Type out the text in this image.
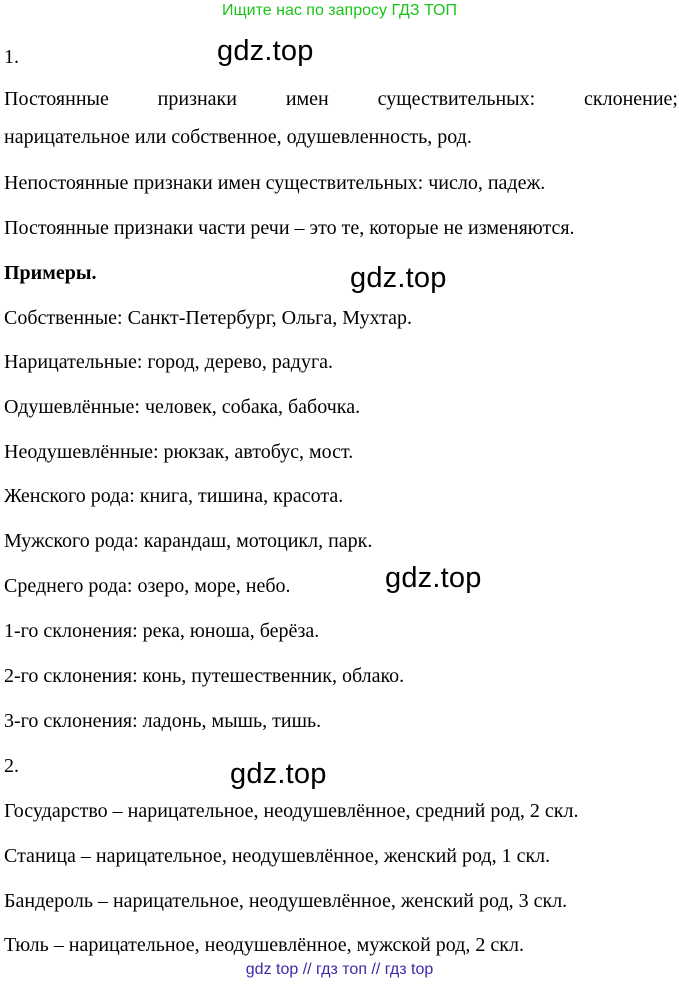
Ищите нас по запросу ГДЗ ТОП
gdz.top
gdz.top
gdz.top
gdz.top
1.
Постоянные признаки имен существительных: склонение;
нарицательное или собственное, одушевленность, род.
Непостоянные признаки имен существительных: число, падеж.
Постоянные признаки части речи – это те, которые не изменяются.
Примеры.
Собственные: Санкт-Петербург, Ольга, Мухтар.
Нарицательные: город, дерево, радуга.
Одушевлённые: человек, собака, бабочка.
Неодушевлённые: рюкзак, автобус, мост.
Женского рода: книга, тишина, красота.
Мужского рода: карандаш, мотоцикл, парк.
Среднего рода: озеро, море, небо.
1-го склонения: река, юноша, берёза.
2-го склонения: конь, путешественник, облако.
3-го склонения: ладонь, мышь, тишь.
2.
Государство – нарицательное, неодушевлённое, средний род, 2 скл.
Станица – нарицательное, неодушевлённое, женский род, 1 скл.
Бандероль – нарицательное, неодушевлённое, женский род, 3 скл.
Тюль – нарицательное, неодушевлённое, мужской род, 2 скл.
gdz top // гдз топ // гдз top
